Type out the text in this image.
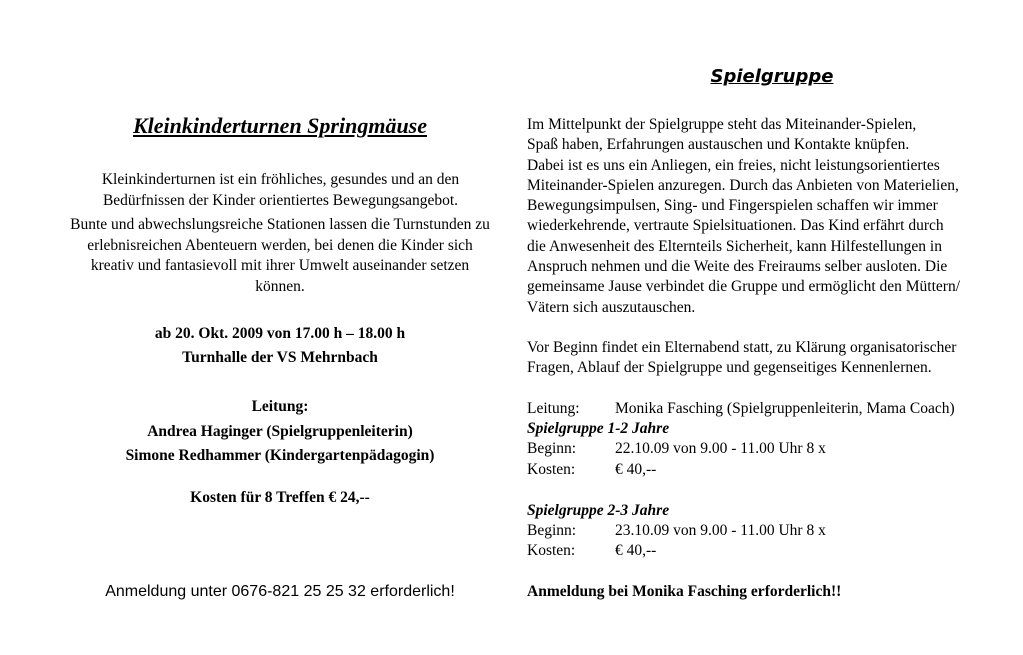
Kleinkinderturnen Springmäuse
Kleinkinderturnen ist ein fröhliches, gesundes und an den
Bedürfnissen der Kinder orientiertes Bewegungsangebot.
Bunte und abwechslungsreiche Stationen lassen die Turnstunden zu
erlebnisreichen Abenteuern werden, bei denen die Kinder sich
kreativ und fantasievoll mit ihrer Umwelt auseinander setzen
können.
ab 20. Okt. 2009 von 17.00 h – 18.00 h
Turnhalle der VS Mehrnbach
Leitung:
Andrea Haginger (Spielgruppenleiterin)
Simone Redhammer (Kindergartenpädagogin)
Kosten für 8 Treffen € 24,--
Anmeldung unter 0676-821 25 25 32 erforderlich!
Spielgruppe
Im Mittelpunkt der Spielgruppe steht das Miteinander-Spielen,
Spaß haben, Erfahrungen austauschen und Kontakte knüpfen.
Dabei ist es uns ein Anliegen, ein freies, nicht leistungsorientiertes
Miteinander-Spielen anzuregen. Durch das Anbieten von Materielien,
Bewegungsimpulsen, Sing- und Fingerspielen schaffen wir immer
wiederkehrende, vertraute Spielsituationen. Das Kind erfährt durch
die Anwesenheit des Elternteils Sicherheit, kann Hilfestellungen in
Anspruch nehmen und die Weite des Freiraums selber ausloten. Die
gemeinsame Jause verbindet die Gruppe und ermöglicht den Müttern/
Vätern sich auszutauschen.
Vor Beginn findet ein Elternabend statt, zu Klärung organisatorischer
Fragen, Ablauf der Spielgruppe und gegenseitiges Kennenlernen.
Leitung: Monika Fasching (Spielgruppenleiterin, Mama Coach)
Spielgruppe 1-2 Jahre
Beginn:	22.10.09 von 9.00 - 11.00 Uhr 8 x
Kosten:	€ 40,--
Spielgruppe 2-3 Jahre
Beginn:	23.10.09 von 9.00 - 11.00 Uhr 8 x
Kosten:	€ 40,--
Anmeldung bei Monika Fasching erforderlich!!
